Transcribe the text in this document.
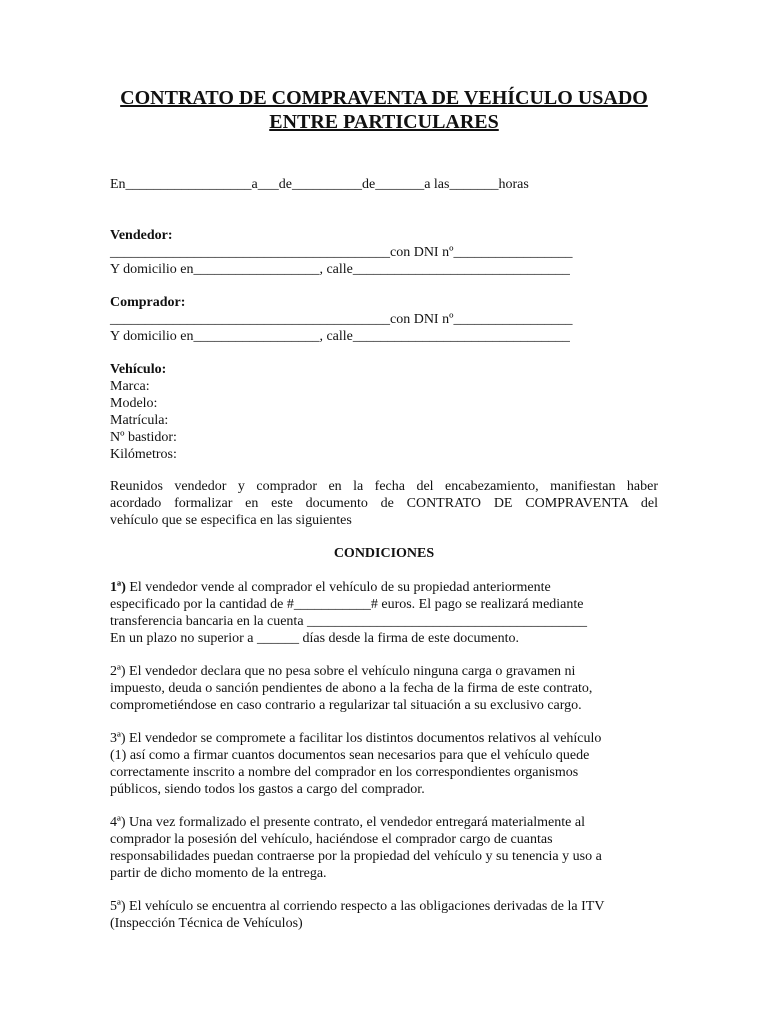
CONTRATO DE COMPRAVENTA DE VEHÍCULO USADO
ENTRE PARTICULARES
En__________________a___de__________de_______a las_______horas
Vendedor:
________________________________________con DNI nº_________________
Y domicilio en__________________, calle_______________________________
Comprador:
________________________________________con DNI nº_________________
Y domicilio en__________________, calle_______________________________
Vehículo:
Marca:
Modelo:
Matrícula:
Nº bastidor:
Kilómetros:
Reunidos vendedor y comprador en la fecha del encabezamiento, manifiestan haber
acordado formalizar en este documento de CONTRATO DE COMPRAVENTA del
vehículo que se especifica en las siguientes
CONDICIONES
1ª) El vendedor vende al comprador el vehículo de su propiedad anteriormente
especificado por la cantidad de #___________# euros. El pago se realizará mediante
transferencia bancaria en la cuenta ________________________________________
En un plazo no superior a ______ días desde la firma de este documento.
2ª) El vendedor declara que no pesa sobre el vehículo ninguna carga o gravamen ni
impuesto, deuda o sanción pendientes de abono a la fecha de la firma de este contrato,
comprometiéndose en caso contrario a regularizar tal situación a su exclusivo cargo.
3ª) El vendedor se compromete a facilitar los distintos documentos relativos al vehículo
(1) así como a firmar cuantos documentos sean necesarios para que el vehículo quede
correctamente inscrito a nombre del comprador en los correspondientes organismos
públicos, siendo todos los gastos a cargo del comprador.
4ª) Una vez formalizado el presente contrato, el vendedor entregará materialmente al
comprador la posesión del vehículo, haciéndose el comprador cargo de cuantas
responsabilidades puedan contraerse por la propiedad del vehículo y su tenencia y uso a
partir de dicho momento de la entrega.
5ª) El vehículo se encuentra al corriendo respecto a las obligaciones derivadas de la ITV
(Inspección Técnica de Vehículos)
